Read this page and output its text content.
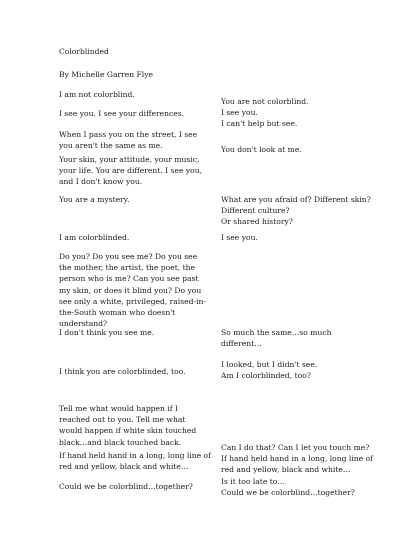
Colorblinded

By Michelle Garren Flye

I am not colorblind.

I see you. I see your differences.

When I pass you on the street, I see
you aren't the same as me.

Your skin, your attitude, your music,
your life. You are different. I see you,
and I don't know you.

You are a mystery.

I am colorblinded.

Do you? Do you see me? Do you see
the mother, the artist, the poet, the
person who is me? Can you see past
my skin, or does it blind you? Do you
see only a white, privileged, raised-in-
the-South woman who doesn't
understand?

I don't think you see me.

I think you are colorblinded, too.

Tell me what would happen if I
reached out to you. Tell me what
would happen if white skin touched
black…and black touched back.

If hand held hand in a long, long line of
red and yellow, black and white…

Could we be colorblind…together?

You are not colorblind.
I see you.
I can't help but see.

You don't look at me.

What are you afraid of? Different skin?
Different culture?
Or shared history?

I see you.

So much the same…so much
different…

I looked, but I didn't see.
Am I colorblinded, too?

Can I do that? Can I let you touch me?
If hand held hand in a long, long line of
red and yellow, black and white…
Is it too late to…
Could we be colorblind…together?
